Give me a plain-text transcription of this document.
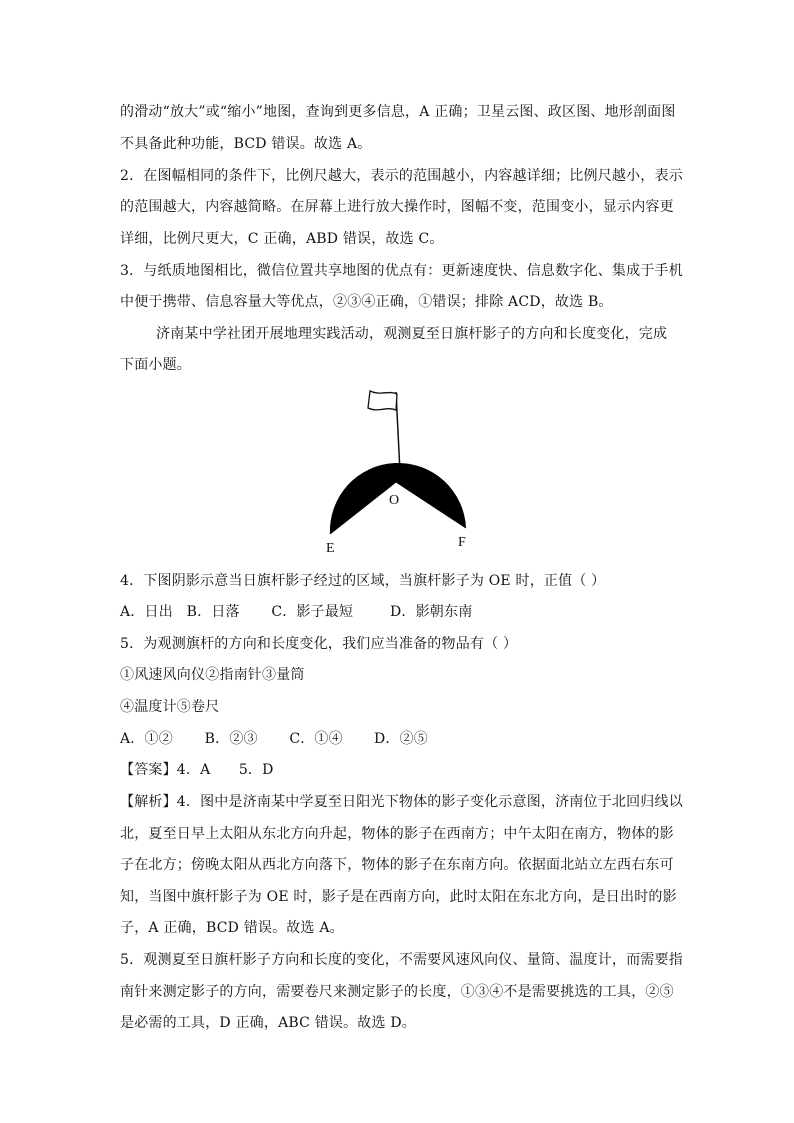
的滑动“放大”或“缩小”地图，查询到更多信息，A 正确；卫星云图、政区图、地形剖面图
不具备此种功能，BCD 错误。故选 A。
2．在图幅相同的条件下，比例尺越大，表示的范围越小，内容越详细；比例尺越小，表示
的范围越大，内容越简略。在屏幕上进行放大操作时，图幅不变，范围变小，显示内容更
详细，比例尺更大，C 正确，ABD 错误，故选 C。
3．与纸质地图相比，微信位置共享地图的优点有：更新速度快、信息数字化、集成于手机
中便于携带、信息容量大等优点，②③④正确，①错误；排除 ACD，故选 B。
济南某中学社团开展地理实践活动，观测夏至日旗杆影子的方向和长度变化，完成
下面小题。
O
E	F
4．下图阴影示意当日旗杆影子经过的区域，当旗杆影子为 OE 时，正值（ ）
A．日出 B．日落 C．影子最短	D．影朝东南
5．为观测旗杆的方向和长度变化，我们应当准备的物品有（ ）
①风速风向仪②指南针③量筒
④温度计⑤卷尺
A．①② B．②③ C．①④ D．②⑤
【答案】4．A　　5．D
【解析】4．图中是济南某中学夏至日阳光下物体的影子变化示意图，济南位于北回归线以
北，夏至日早上太阳从东北方向升起，物体的影子在西南方；中午太阳在南方，物体的影
子在北方；傍晚太阳从西北方向落下，物体的影子在东南方向。依据面北站立左西右东可
知，当图中旗杆影子为 OE 时，影子是在西南方向，此时太阳在东北方向，是日出时的影
子，A 正确，BCD 错误。故选 A。
5．观测夏至日旗杆影子方向和长度的变化，不需要风速风向仪、量筒、温度计，而需要指
南针来测定影子的方向，需要卷尺来测定影子的长度，①③④不是需要挑选的工具，②⑤
是必需的工具，D 正确，ABC 错误。故选 D。
